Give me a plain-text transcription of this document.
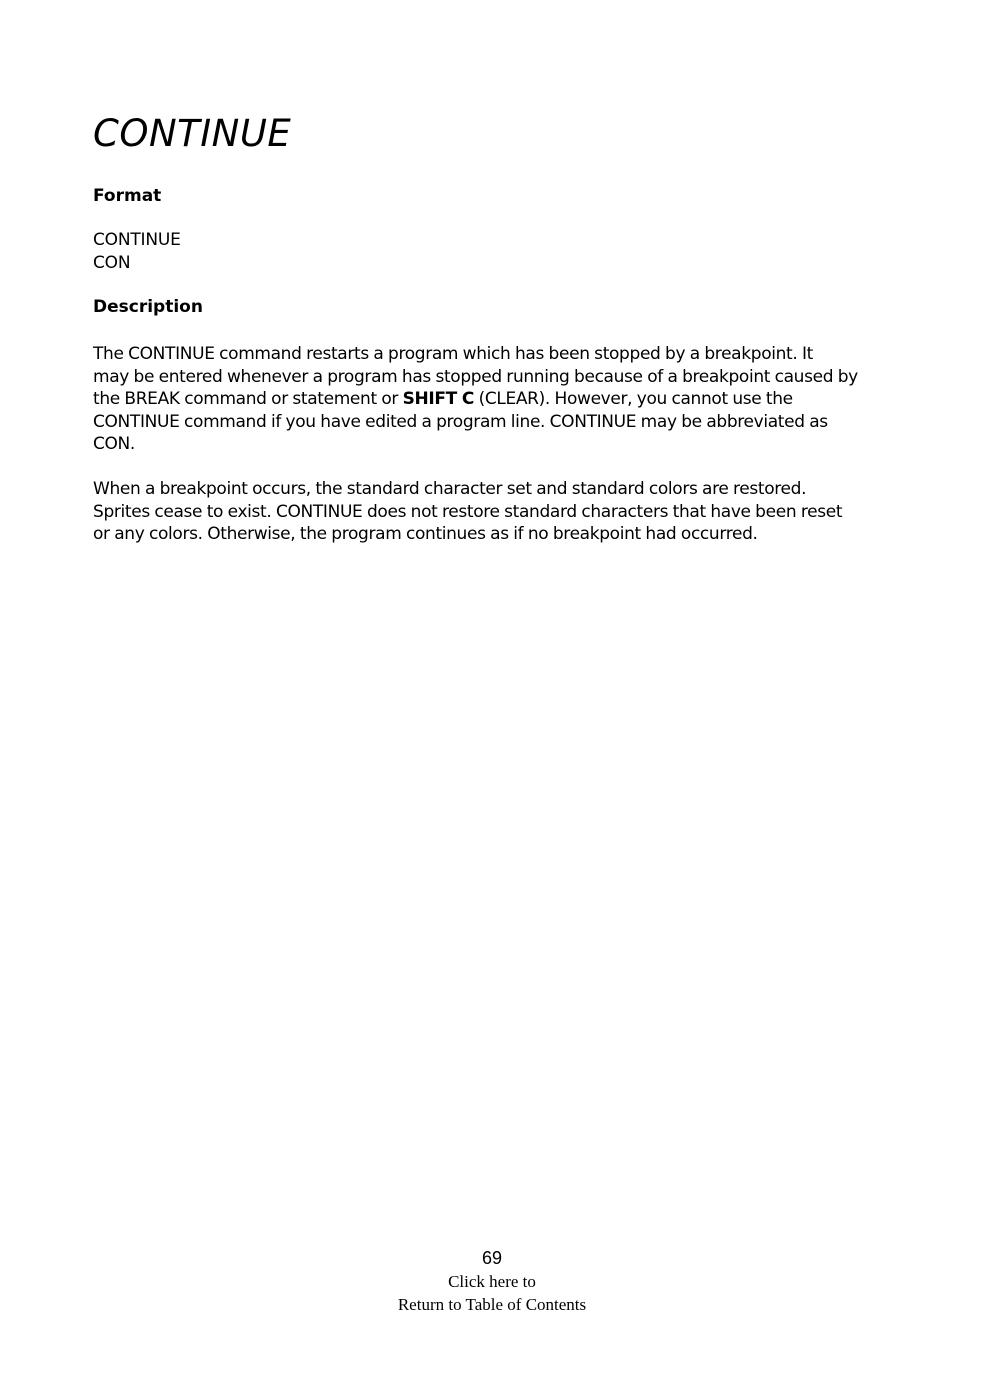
CONTINUE
Format
CONTINUE
CON
Description

The CONTINUE command restarts a program which has been stopped by a breakpoint. It
may be entered whenever a program has stopped running because of a breakpoint caused by
the BREAK command or statement or SHIFT C (CLEAR). However, you cannot use the
CONTINUE command if you have edited a program line. CONTINUE may be abbreviated as
CON.

When a breakpoint occurs, the standard character set and standard colors are restored.
Sprites cease to exist. CONTINUE does not restore standard characters that have been reset
or any colors. Otherwise, the program continues as if no breakpoint had occurred.

69
Click here to
Return to Table of Contents
